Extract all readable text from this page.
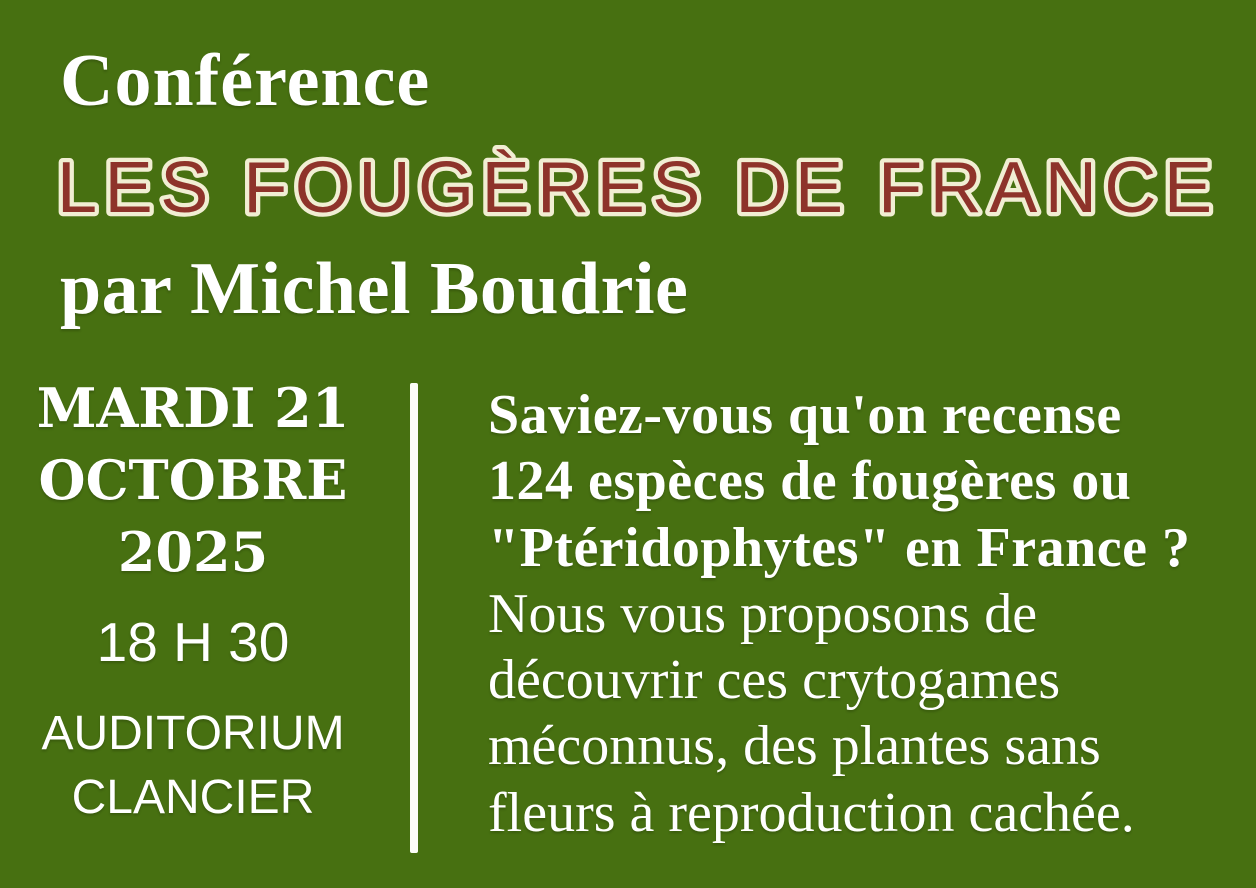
Conférence
LES FOUGÈRES DE FRANCE
par Michel Boudrie
MARDI 21
OCTOBRE
2025
18 H 30
AUDITORIUM
CLANCIER
Saviez-vous qu'on recense
124 espèces de fougères ou
"Ptéridophytes" en France ?
Nous vous proposons de
découvrir ces crytogames
méconnus, des plantes sans
fleurs à reproduction cachée.
